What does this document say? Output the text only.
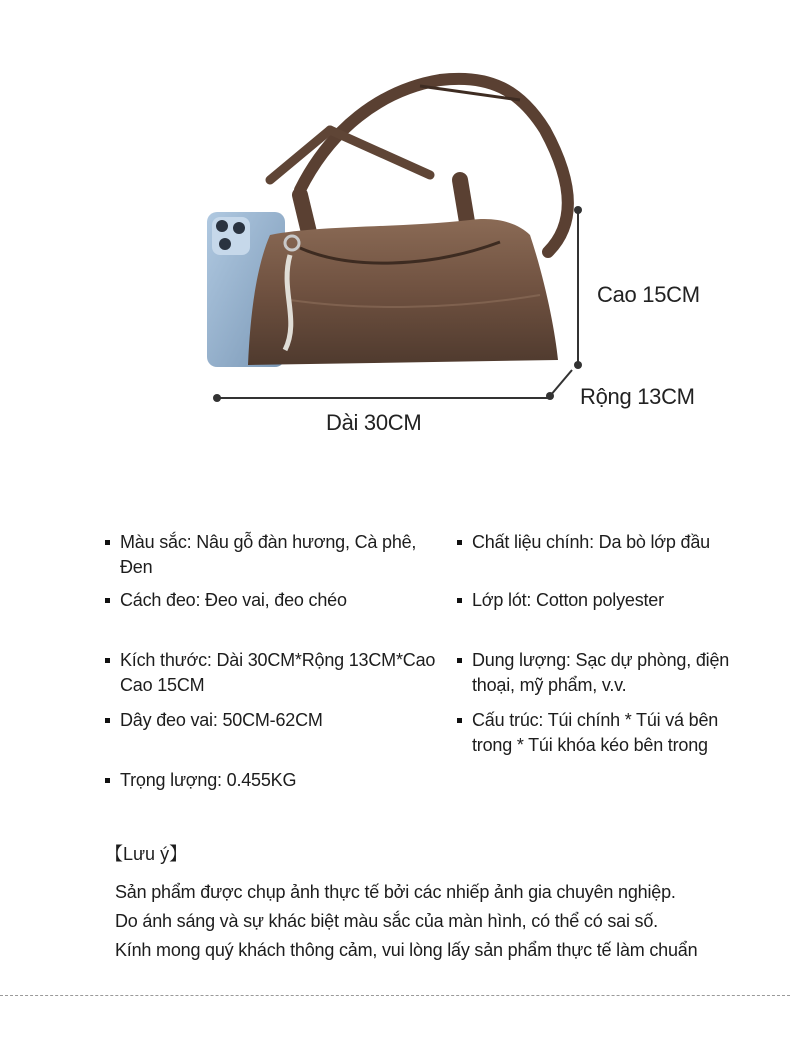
Cao 15CM
Rộng 13CM
Dài 30CM
Màu sắc: Nâu gỗ đàn hương, Cà phê, Đen
Chất liệu chính: Da bò lớp đầu
Cách đeo: Đeo vai, đeo chéo	Lớp lót: Cotton polyester
Kích thước: Dài 30CM*Rộng 13CM*Cao
Cao 15CM
Dung lượng: Sạc dự phòng, điện
thoại, mỹ phẩm, v.v.
Dây đeo vai: 50CM-62CM	Cấu trúc: Túi chính * Túi vá bên
trong * Túi khóa kéo bên trong
Trọng lượng: 0.455KG
【Lưu ý】
Sản phẩm được chụp ảnh thực tế bởi các nhiếp ảnh gia chuyên nghiệp.
Do ánh sáng và sự khác biệt màu sắc của màn hình, có thể có sai số.
Kính mong quý khách thông cảm, vui lòng lấy sản phẩm thực tế làm chuẩn
